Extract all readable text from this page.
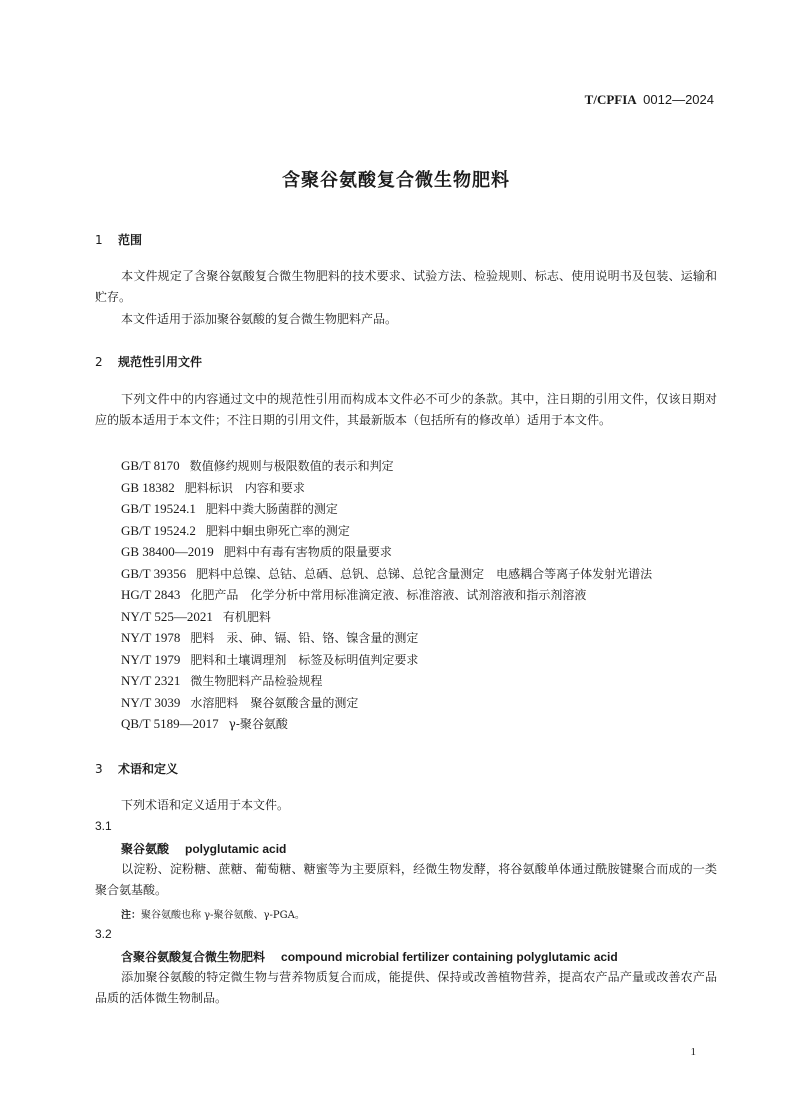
T/CPFIA 0012—2024
含聚谷氨酸复合微生物肥料
1 范围
本文件规定了含聚谷氨酸复合微生物肥料的技术要求、试验方法、检验规则、标志、使用说明书及包装、运输和贮存。
本文件适用于添加聚谷氨酸的复合微生物肥料产品。
2 规范性引用文件
下列文件中的内容通过文中的规范性引用而构成本文件必不可少的条款。其中，注日期的引用文件，仅该日期对应的版本适用于本文件；不注日期的引用文件，其最新版本（包括所有的修改单）适用于本文件。
GB/T 8170 数值修约规则与极限数值的表示和判定
GB 18382 肥料标识　内容和要求
GB/T 19524.1 肥料中粪大肠菌群的测定
GB/T 19524.2 肥料中蛔虫卵死亡率的测定
GB 38400—2019 肥料中有毒有害物质的限量要求
GB/T 39356 肥料中总镍、总钴、总硒、总钒、总锑、总铊含量测定　电感耦合等离子体发射光谱法
HG/T 2843 化肥产品　化学分析中常用标准滴定液、标准溶液、试剂溶液和指示剂溶液
NY/T 525—2021 有机肥料
NY/T 1978 肥料　汞、砷、镉、铅、铬、镍含量的测定
NY/T 1979 肥料和土壤调理剂　标签及标明值判定要求
NY/T 2321 微生物肥料产品检验规程
NY/T 3039 水溶肥料　聚谷氨酸含量的测定
QB/T 5189—2017 γ-聚谷氨酸
3 术语和定义
下列术语和定义适用于本文件。
3.1
聚谷氨酸 polyglutamic acid
以淀粉、淀粉糖、蔗糖、葡萄糖、糖蜜等为主要原料，经微生物发酵，将谷氨酸单体通过酰胺键聚合而成的一类聚合氨基酸。
注：聚谷氨酸也称 γ-聚谷氨酸、γ-PGA。
3.2
含聚谷氨酸复合微生物肥料 compound microbial fertilizer containing polyglutamic acid
添加聚谷氨酸的特定微生物与营养物质复合而成，能提供、保持或改善植物营养，提高农产品产量或改善农产品品质的活体微生物制品。
1
